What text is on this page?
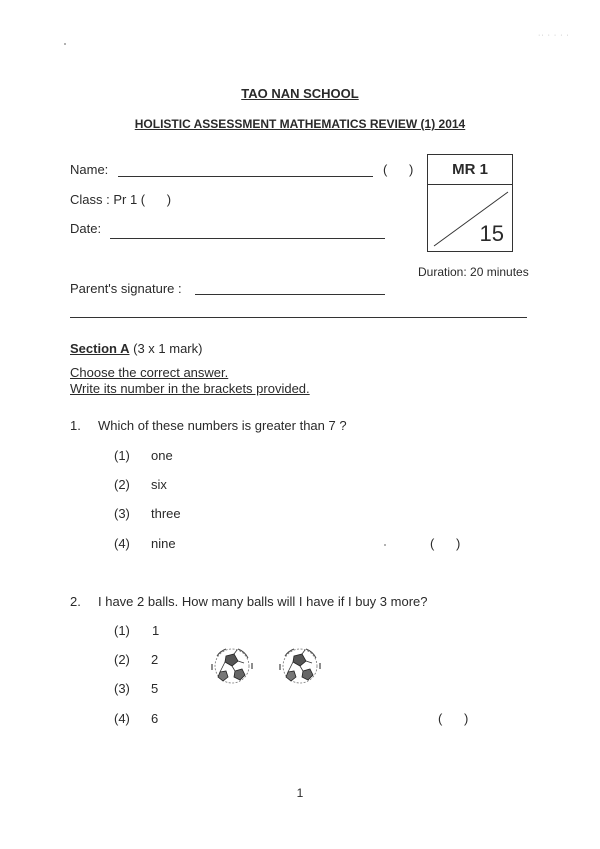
·· · · · ·
TAO NAN SCHOOL
HOLISTIC ASSESSMENT MATHEMATICS REVIEW (1) 2014
Name:	(      )
Class : Pr 1 (      )
Date:
MR 1
15
Duration: 20 minutes
Parent's signature :
Section A (3 x 1 mark)
Choose the correct answer.
Write its number in the brackets provided.
1. Which of these numbers is greater than 7 ?
(1) one
(2) six
(3) three
(4) nine	(      )
2. I have 2 balls. How many balls will I have if I buy 3 more?
(1) 1
(2) 2
(3) 5
(4) 6	(      )
1
